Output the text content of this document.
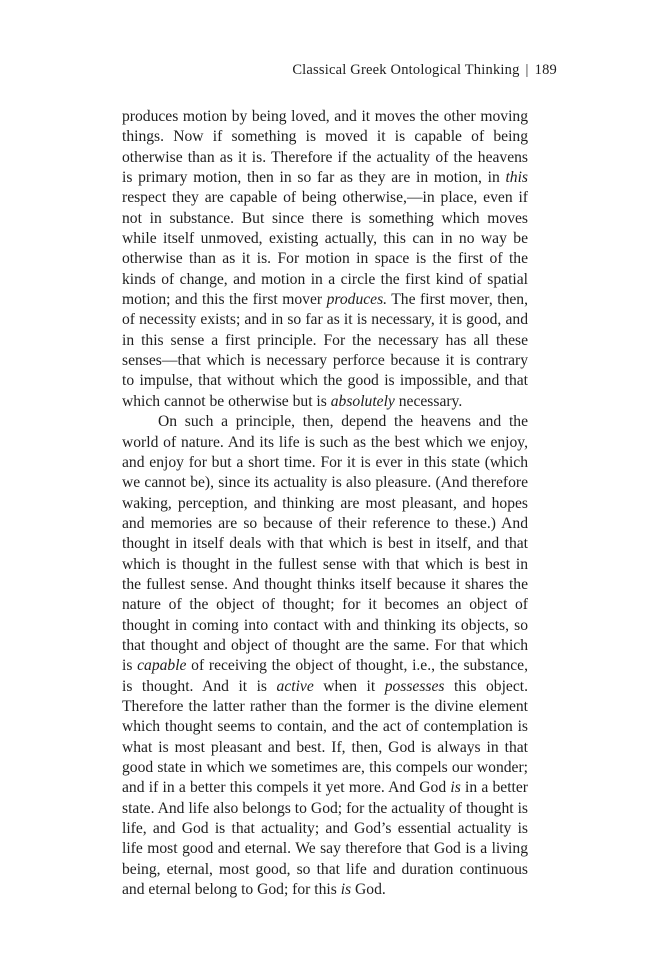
Classical Greek Ontological Thinking | 189

produces motion by being loved, and it moves the other moving things. Now if something is moved it is capable of being otherwise than as it is. Therefore if the actuality of the heavens is primary motion, then in so far as they are in motion, in this respect they are capable of being otherwise,—in place, even if not in substance. But since there is something which moves while itself unmoved, existing actually, this can in no way be otherwise than as it is. For motion in space is the first of the kinds of change, and motion in a circle the first kind of spatial motion; and this the first mover produces. The first mover, then, of necessity exists; and in so far as it is necessary, it is good, and in this sense a first principle. For the necessary has all these senses—that which is necessary perforce because it is contrary to impulse, that without which the good is impossible, and that which cannot be otherwise but is absolutely necessary.

On such a principle, then, depend the heavens and the world of nature. And its life is such as the best which we enjoy, and enjoy for but a short time. For it is ever in this state (which we cannot be), since its actuality is also pleasure. (And therefore waking, perception, and thinking are most pleasant, and hopes and memories are so because of their reference to these.) And thought in itself deals with that which is best in itself, and that which is thought in the fullest sense with that which is best in the fullest sense. And thought thinks itself because it shares the nature of the object of thought; for it becomes an object of thought in coming into contact with and thinking its objects, so that thought and object of thought are the same. For that which is capable of receiving the object of thought, i.e., the substance, is thought. And it is active when it possesses this object. Therefore the latter rather than the former is the divine element which thought seems to contain, and the act of contemplation is what is most pleasant and best. If, then, God is always in that good state in which we sometimes are, this compels our wonder; and if in a better this compels it yet more. And God is in a better state. And life also belongs to God; for the actuality of thought is life, and God is that actuality; and God’s essential actuality is life most good and eternal. We say therefore that God is a living being, eternal, most good, so that life and duration continuous and eternal belong to God; for this is God.
